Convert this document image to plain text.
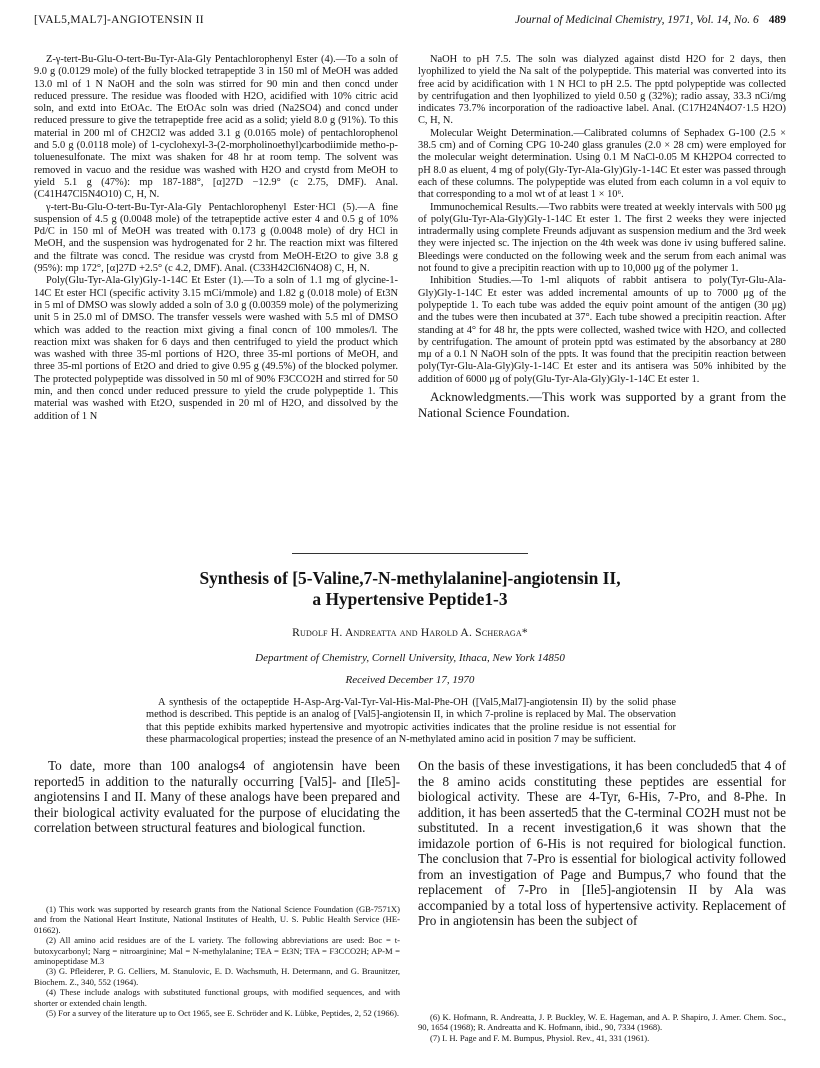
[VAL5,MAL7]-ANGIOTENSIN II	Journal of Medicinal Chemistry, 1971, Vol. 14, No. 6 489

Z-γ-tert-Bu-Glu-O-tert-Bu-Tyr-Ala-Gly Pentachlorophenyl Ester (4).—To a soln of 9.0 g (0.0129 mole) of the fully blocked tetrapeptide 3 in 150 ml of MeOH was added 13.0 ml of 1 N NaOH and the soln was stirred for 90 min and then concd under reduced pressure. The residue was flooded with H2O, acidified with 10% citric acid soln, and extd into EtOAc. The EtOAc soln was dried (Na2SO4) and concd under reduced pressure to give the tetrapeptide free acid as a solid; yield 8.0 g (91%). To this material in 200 ml of CH2Cl2 was added 3.1 g (0.0165 mole) of pentachlorophenol and 5.0 g (0.0118 mole) of 1-cyclohexyl-3-(2-morpholinoethyl)carbodiimide metho-p-toluenesulfonate. The mixt was shaken for 48 hr at room temp. The solvent was removed in vacuo and the residue was washed with H2O and crystd from MeOH to yield 5.1 g (47%): mp 187-188°, [α]27D −12.9° (c 2.75, DMF). Anal. (C41H47Cl5N4O10) C, H, N.

γ-tert-Bu-Glu-O-tert-Bu-Tyr-Ala-Gly Pentachlorophenyl Ester·HCl (5).—A fine suspension of 4.5 g (0.0048 mole) of the tetrapeptide active ester 4 and 0.5 g of 10% Pd/C in 150 ml of MeOH was treated with 0.173 g (0.0048 mole) of dry HCl in MeOH, and the suspension was hydrogenated for 2 hr. The reaction mixt was filtered and the filtrate was concd. The residue was crystd from MeOH-Et2O to give 3.8 g (95%): mp 172°, [α]27D +2.5° (c 4.2, DMF). Anal. (C33H42Cl6N4O8) C, H, N.

Poly(Glu-Tyr-Ala-Gly)Gly-1-14C Et Ester (1).—To a soln of 1.1 mg of glycine-1-14C Et ester HCl (specific activity 3.15 mCi/mmole) and 1.82 g (0.018 mole) of Et3N in 5 ml of DMSO was slowly added a soln of 3.0 g (0.00359 mole) of the polymerizing unit 5 in 25.0 ml of DMSO. The transfer vessels were washed with 5.5 ml of DMSO which was added to the reaction mixt giving a final concn of 100 mmoles/l. The reaction mixt was shaken for 6 days and then centrifuged to yield the product which was washed with three 35-ml portions of H2O, three 35-ml portions of MeOH, and three 35-ml portions of Et2O and dried to give 0.95 g (49.5%) of the blocked polymer. The protected polypeptide was dissolved in 50 ml of 90% F3CCO2H and stirred for 50 min, and then concd under reduced pressure to yield the crude polypeptide 1. This material was washed with Et2O, suspended in 20 ml of H2O, and dissolved by the addition of 1 N

NaOH to pH 7.5. The soln was dialyzed against distd H2O for 2 days, then lyophilized to yield the Na salt of the polypeptide. This material was converted into its free acid by acidification with 1 N HCl to pH 2.5. The pptd polypeptide was collected by centrifugation and then lyophilized to yield 0.50 g (32%); radio assay, 33.3 nCi/mg indicates 73.7% incorporation of the radioactive label. Anal. (C17H24N4O7·1.5 H2O) C, H, N.

Molecular Weight Determination.—Calibrated columns of Sephadex G-100 (2.5 × 38.5 cm) and of Corning CPG 10-240 glass granules (2.0 × 28 cm) were employed for the molecular weight determination. Using 0.1 M NaCl-0.05 M KH2PO4 corrected to pH 8.0 as eluent, 4 mg of poly(Gly-Tyr-Ala-Gly)Gly-1-14C Et ester was passed through each of these columns. The polypeptide was eluted from each column in a vol equiv to that corresponding to a mol wt of at least 1 × 10⁶.

Immunochemical Results.—Two rabbits were treated at weekly intervals with 500 μg of poly(Glu-Tyr-Ala-Gly)Gly-1-14C Et ester 1. The first 2 weeks they were injected intradermally using complete Freunds adjuvant as suspension medium and the 3rd week they were injected sc. The injection on the 4th week was done iv using buffered saline. Bleedings were conducted on the following week and the serum from each animal was not found to give a precipitin reaction with up to 10,000 μg of the polymer 1.

Inhibition Studies.—To 1-ml aliquots of rabbit antisera to poly(Tyr-Glu-Ala-Gly)Gly-1-14C Et ester was added incremental amounts of up to 7000 μg of the polypeptide 1. To each tube was added the equiv point amount of the antigen (30 μg) and the tubes were then incubated at 37°. Each tube showed a precipitin reaction. After standing at 4° for 48 hr, the ppts were collected, washed twice with H2O, and collected by centrifugation. The amount of protein pptd was estimated by the absorbancy at 280 mμ of a 0.1 N NaOH soln of the ppts. It was found that the precipitin reaction between poly(Tyr-Glu-Ala-Gly)Gly-1-14C Et ester and its antisera was 50% inhibited by the addition of 6000 μg of poly(Glu-Tyr-Ala-Gly)Gly-1-14C Et ester 1.

Acknowledgments.—This work was supported by a grant from the National Science Foundation.

Synthesis of [5-Valine,7-N-methylalanine]-angiotensin II,
a Hypertensive Peptide1-3
Rudolf H. Andreatta and Harold A. Scheraga*
Department of Chemistry, Cornell University, Ithaca, New York 14850
Received December 17, 1970
A synthesis of the octapeptide H-Asp-Arg-Val-Tyr-Val-His-Mal-Phe-OH ([Val5,Mal7]-angiotensin II) by the solid phase method is described. This peptide is an analog of [Val5]-angiotensin II, in which 7-proline is replaced by Mal. The observation that this peptide exhibits marked hypertensive and myotropic activities indicates that the proline residue is not essential for these pharmacological properties; instead the presence of an N-methylated amino acid in position 7 may be sufficient.
To date, more than 100 analogs4 of angiotensin have been reported5 in addition to the naturally occurring [Val5]- and [Ile5]-angiotensins I and II. Many of these analogs have been prepared and their biological activity evaluated for the purpose of elucidating the correlation between structural features and biological function.
On the basis of these investigations, it has been concluded5 that 4 of the 8 amino acids constituting these peptides are essential for biological activity. These are 4-Tyr, 6-His, 7-Pro, and 8-Phe. In addition, it has been asserted5 that the C-terminal CO2H must not be substituted. In a recent investigation,6 it was shown that the imidazole portion of 6-His is not required for biological function. The conclusion that 7-Pro is essential for biological activity followed from an investigation of Page and Bumpus,7 who found that the replacement of 7-Pro in [Ile5]-angiotensin II by Ala was accompanied by a total loss of hypertensive activity. Replacement of Pro in angiotensin has been the subject of

(1) This work was supported by research grants from the National Science Foundation (GB-7571X) and from the National Heart Institute, National Institutes of Health, U. S. Public Health Service (HE-01662).

(2) All amino acid residues are of the L variety. The following abbreviations are used: Boc = t-butoxycarbonyl; Narg = nitroarginine; Mal = N-methylalanine; TEA = Et3N; TFA = F3CCO2H; AP-M = aminopeptidase M.3

(3) G. Pfleiderer, P. G. Celliers, M. Stanulovic, E. D. Wachsmuth, H. Determann, and G. Braunitzer, Biochem. Z., 340, 552 (1964).

(4) These include analogs with substituted functional groups, with modified sequences, and with shorter or extended chain length.

(5) For a survey of the literature up to Oct 1965, see E. Schröder and K. Lübke, Peptides, 2, 52 (1966).	(6) K. Hofmann, R. Andreatta, J. P. Buckley, W. E. Hageman, and A. P. Shapiro, J. Amer. Chem. Soc., 90, 1654 (1968); R. Andreatta and K. Hofmann, ibid., 90, 7334 (1968).

(7) I. H. Page and F. M. Bumpus, Physiol. Rev., 41, 331 (1961).
